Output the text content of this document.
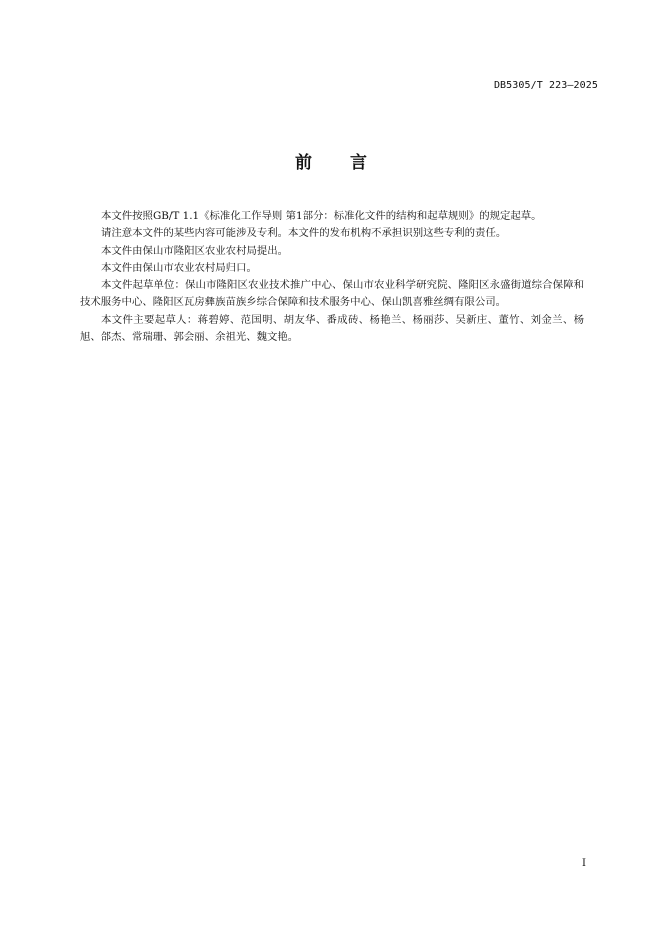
DB5305/T 223—2025
前言

本文件按照GB/T 1.1《标准化工作导则 第1部分：标准化文件的结构和起草规则》的规定起草。

请注意本文件的某些内容可能涉及专利。本文件的发布机构不承担识别这些专利的责任。

本文件由保山市隆阳区农业农村局提出。

本文件由保山市农业农村局归口。

本文件起草单位：保山市隆阳区农业技术推广中心、保山市农业科学研究院、隆阳区永盛街道综合保障和技术服务中心、隆阳区瓦房彝族苗族乡综合保障和技术服务中心、保山凯喜雅丝绸有限公司。

本文件主要起草人：蒋碧婷、范国明、胡友华、番成砖、杨艳兰、杨丽莎、吴新庄、董竹、刘金兰、杨旭、郃杰、常瑞珊、郭会丽、余祖光、魏文艳。

I
